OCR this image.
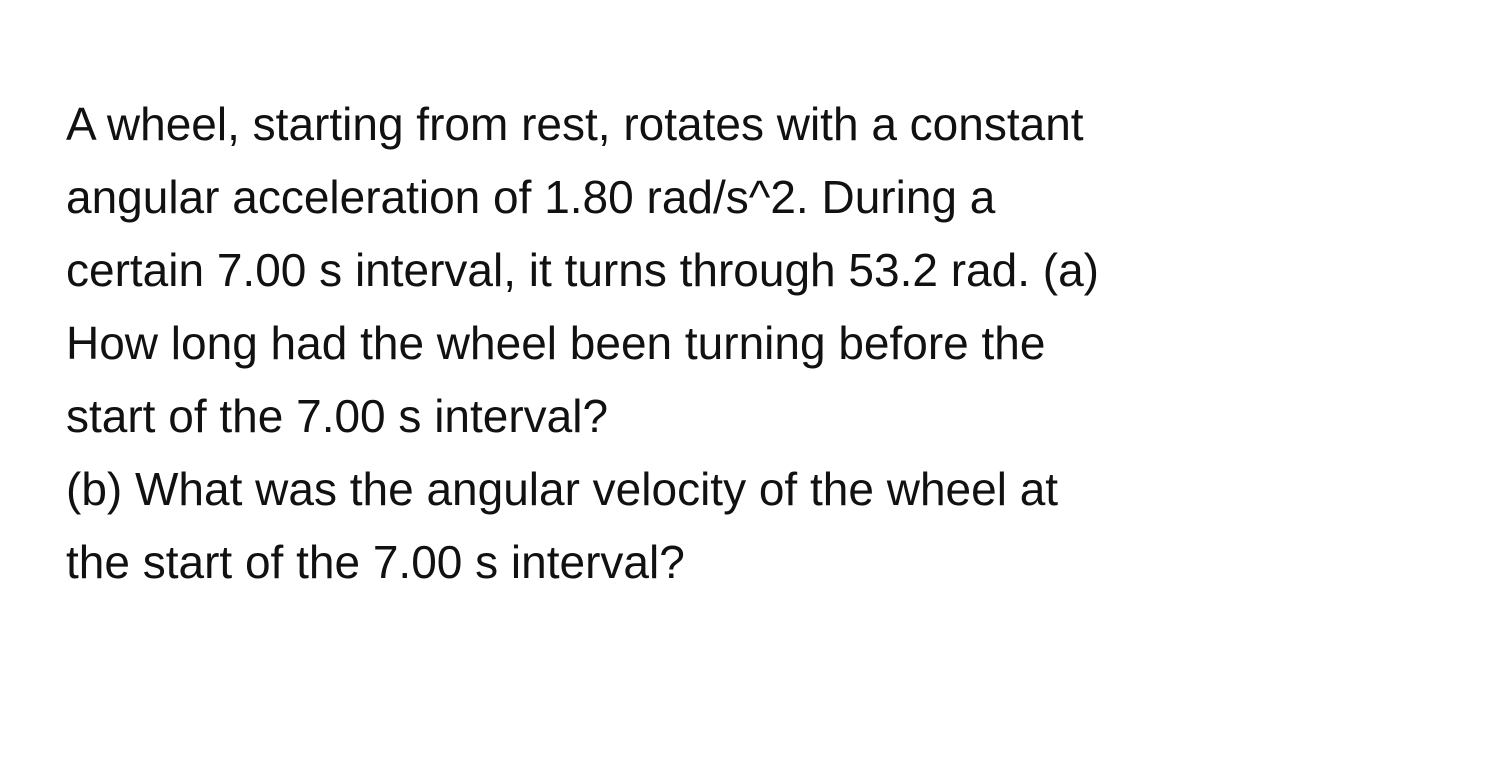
A wheel, starting from rest, rotates with a constant
angular acceleration of 1.80 rad/s^2. During a
certain 7.00 s interval, it turns through 53.2 rad. (a)
How long had the wheel been turning before the
start of the 7.00 s interval?
(b) What was the angular velocity of the wheel at
the start of the 7.00 s interval?
